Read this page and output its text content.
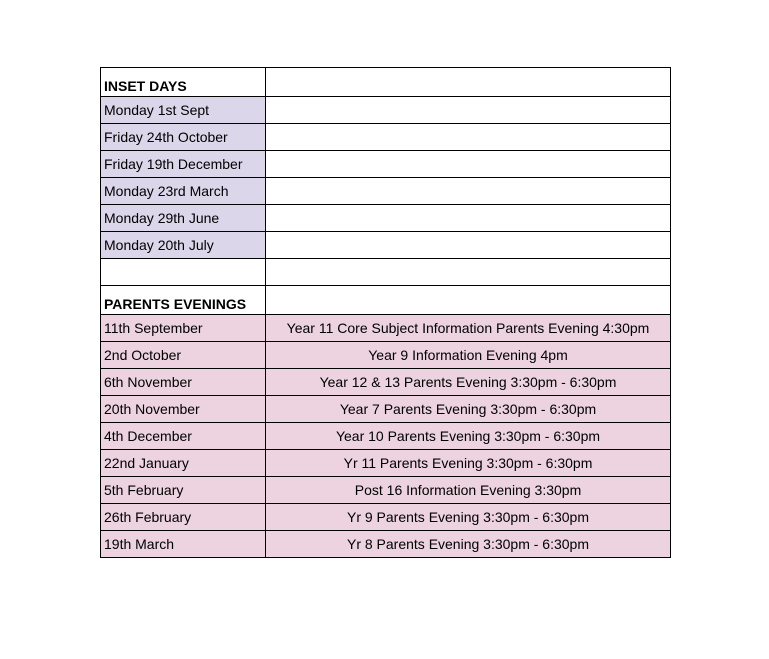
INSET DAYS	
Monday 1st Sept	
Friday 24th October	
Friday 19th December	
Monday 23rd March	
Monday 29th June	
Monday 20th July	

PARENTS EVENINGS	
11th September	Year 11 Core Subject Information Parents Evening 4:30pm
2nd October	Year 9 Information Evening 4pm
6th November	Year 12 & 13 Parents Evening 3:30pm - 6:30pm
20th November	Year 7 Parents Evening 3:30pm - 6:30pm
4th December	Year 10 Parents Evening 3:30pm - 6:30pm
22nd January	Yr 11 Parents Evening 3:30pm - 6:30pm
5th February	Post 16 Information Evening 3:30pm
26th February	Yr 9 Parents Evening 3:30pm - 6:30pm
19th March	Yr 8 Parents Evening 3:30pm - 6:30pm
